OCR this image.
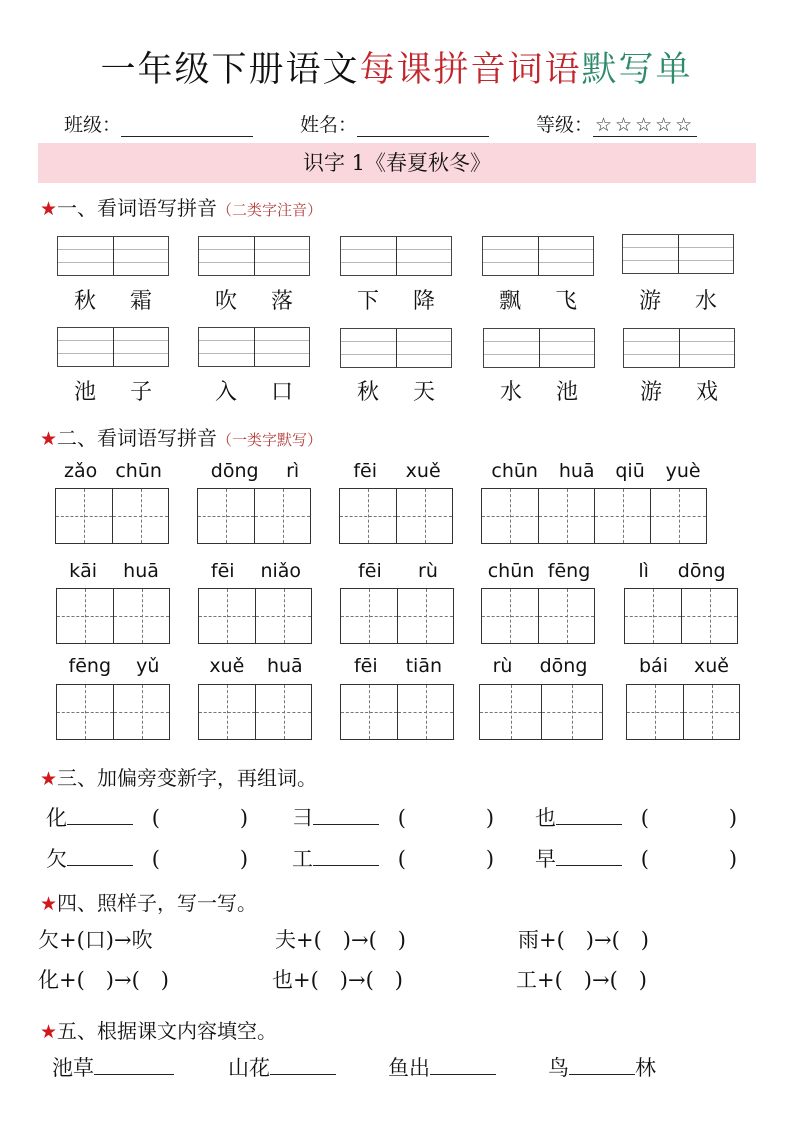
一年级下册语文每课拼音词语默写单
班级：	姓名：	等级： ☆☆☆☆☆
识字 1《春夏秋冬》
★一、看词语写拼音（二类字注音）
秋 霜	吹 落	下 降	飘 飞	游 水
池 子	入 口	秋 天	水 池	游 戏
★二、看词语写拼音（一类字默写）
zǎo chūn	dōng rì	fēi xuě	chūn huā qiū yuè
kāi huā	fēi niǎo	fēi rù	chūn fēng	lì dōng
fēng yǔ	xuě huā	fēi tiān	rù dōng	bái xuě
★三、加偏旁变新字，再组词。
化	(	) 彐	(	) 也	(	)
欠	(	) 工	(	) 早	(	)
★四、照样子，写一写。
欠+(口)→吹	夫+(　)→(　)	雨+(　)→(　)
化+(　)→(　)	也+(　)→(　)	工+(　)→(　)
★五、根据课文内容填空。
池草	山花	鱼出	鸟	林
